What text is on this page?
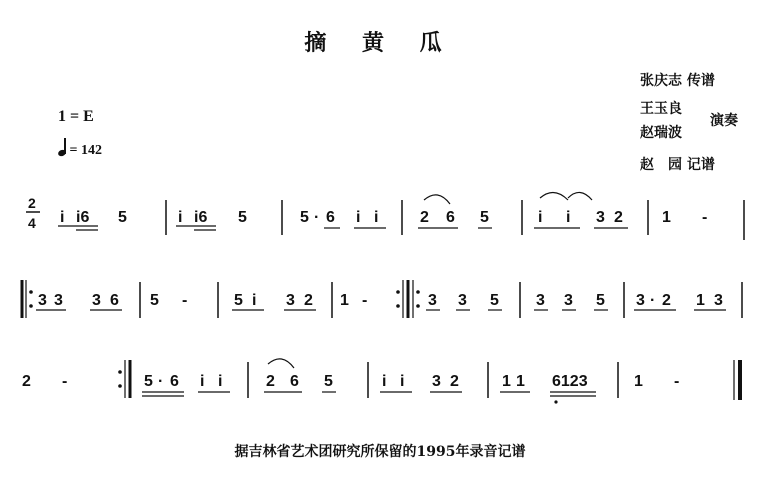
摘 黄 瓜
张庆志 传谱
王玉良
赵瑞波
演奏
赵　园 记谱
1 = E
= 142
2
4 i i6 5	i i6 5	5 · 6 i i	2 6 5	i i 3 2 1 -
3 3 3 6 5 -	5 i 3 2 1 -	3 3 5 3 3 5 3 · 2 1 3
2 -	5 · 6 i i	2 6 5	i i 3 2	1 1 6123	1 -
据吉林省艺术团研究所保留的1995年录音记谱
